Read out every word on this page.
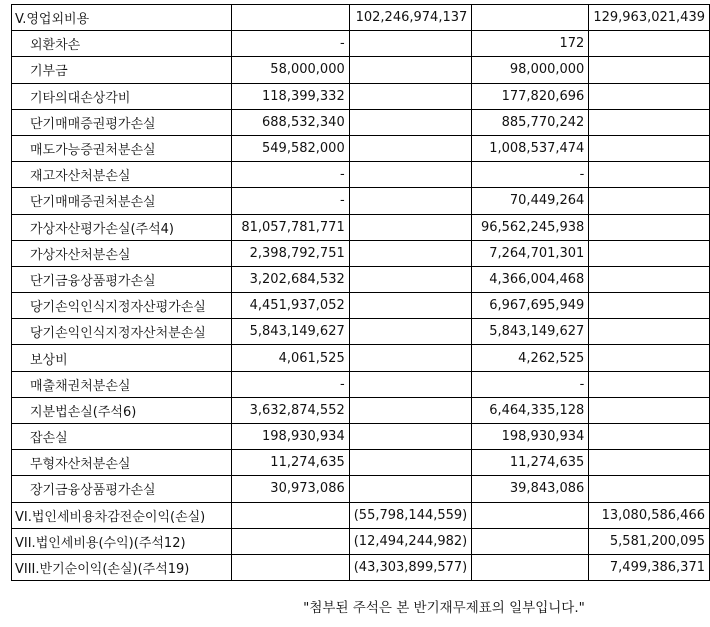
V.영업외비용		102,246,974,137		129,963,021,439
외환차손	-		172	
기부금	58,000,000		98,000,000	
기타의대손상각비	118,399,332		177,820,696	
단기매매증권평가손실	688,532,340		885,770,242	
매도가능증권처분손실	549,582,000		1,008,537,474	
재고자산처분손실	-		-	
단기매매증권처분손실	-		70,449,264	
가상자산평가손실(주석4)	81,057,781,771		96,562,245,938	
가상자산처분손실	2,398,792,751		7,264,701,301	
단기금융상품평가손실	3,202,684,532		4,366,004,468	
당기손익인식지정자산평가손실	4,451,937,052		6,967,695,949	
당기손익인식지정자산처분손실	5,843,149,627		5,843,149,627	
보상비	4,061,525		4,262,525	
매출채권처분손실	-		-	
지분법손실(주석6)	3,632,874,552		6,464,335,128	
잡손실	198,930,934		198,930,934	
무형자산처분손실	11,274,635		11,274,635	
장기금융상품평가손실	30,973,086		39,843,086	
VI.법인세비용차감전순이익(손실)		(55,798,144,559)		13,080,586,466
VII.법인세비용(수익)(주석12)		(12,494,244,982)		5,581,200,095
VIII.반기순이익(손실)(주석19)		(43,303,899,577)		7,499,386,371
"첨부된 주석은 본 반기재무제표의 일부입니다."
